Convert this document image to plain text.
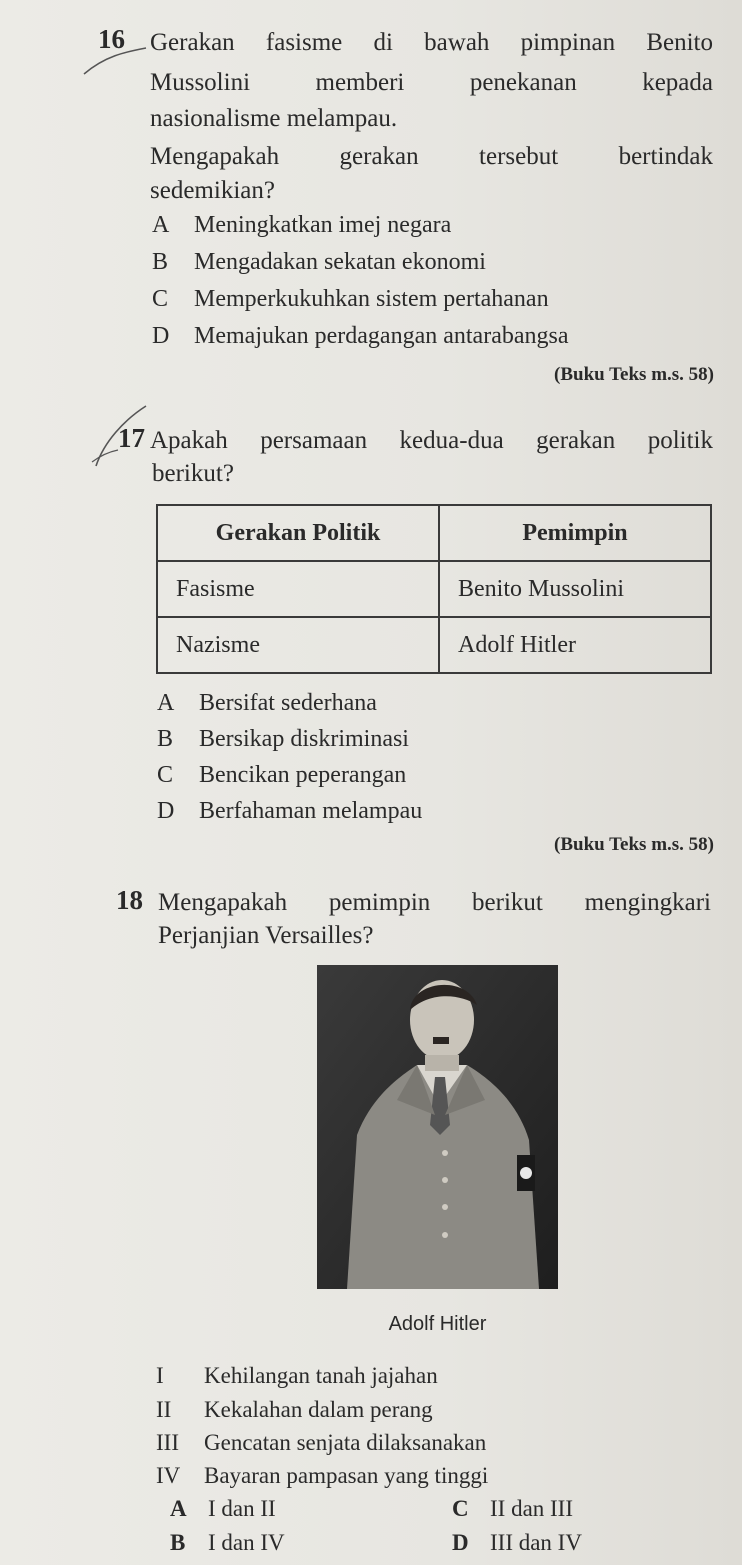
16 Gerakan fasisme di bawah pimpinan Benito
Mussolini memberi penekanan kepada
nasionalisme melampau.
Mengapakah gerakan tersebut bertindak
sedemikian?
A Meningkatkan imej negara
B Mengadakan sekatan ekonomi
C Memperkukuhkan sistem pertahanan
D Memajukan perdagangan antarabangsa
(Buku Teks m.s. 58)
17 Apakah persamaan kedua-dua gerakan politik
berikut?
Gerakan Politik	Pemimpin
Fasisme	Benito Mussolini
Nazisme	Adolf Hitler
A Bersifat sederhana
B Bersikap diskriminasi
C Bencikan peperangan
D Berfahaman melampau
(Buku Teks m.s. 58)
18 Mengapakah pemimpin berikut mengingkari
Perjanjian Versailles?
Adolf Hitler
I Kehilangan tanah jajahan
II Kekalahan dalam perang
III Gencatan senjata dilaksanakan
IV Bayaran pampasan yang tinggi
A I dan II	C II dan III
B I dan IV	D III dan IV
